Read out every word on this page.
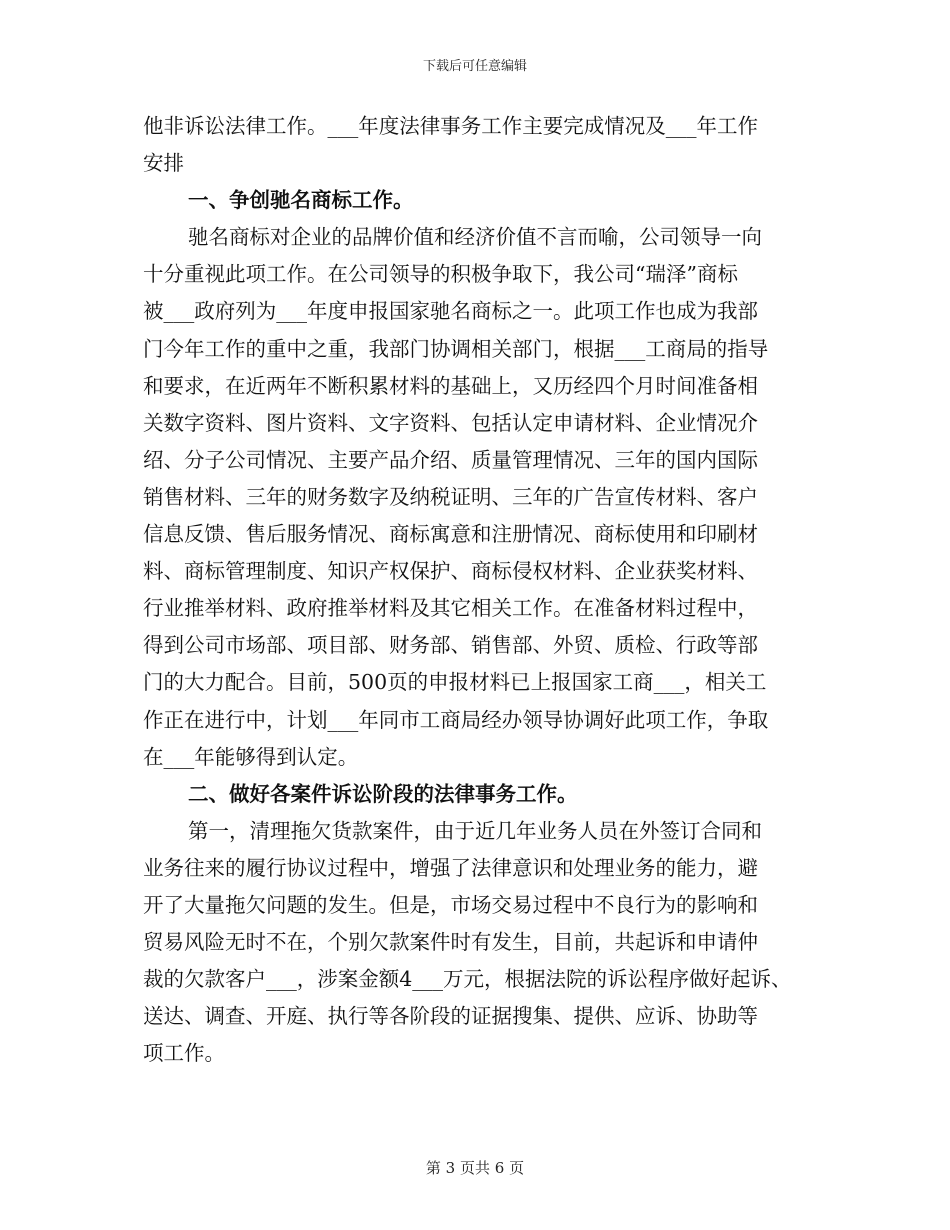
下载后可任意编辑
他非诉讼法律工作。___年度法律事务工作主要完成情况及___年工作
安排
一、争创驰名商标工作。
驰名商标对企业的品牌价值和经济价值不言而喻，公司领导一向
十分重视此项工作。在公司领导的积极争取下，我公司“瑞泽”商标
被___政府列为___年度申报国家驰名商标之一。此项工作也成为我部
门今年工作的重中之重，我部门协调相关部门，根据___工商局的指导
和要求，在近两年不断积累材料的基础上，又历经四个月时间准备相
关数字资料、图片资料、文字资料、包括认定申请材料、企业情况介
绍、分子公司情况、主要产品介绍、质量管理情况、三年的国内国际
销售材料、三年的财务数字及纳税证明、三年的广告宣传材料、客户
信息反馈、售后服务情况、商标寓意和注册情况、商标使用和印刷材
料、商标管理制度、知识产权保护、商标侵权材料、企业获奖材料、
行业推举材料、政府推举材料及其它相关工作。在准备材料过程中，
得到公司市场部、项目部、财务部、销售部、外贸、质检、行政等部
门的大力配合。目前，500页的申报材料已上报国家工商___，相关工
作正在进行中，计划___年同市工商局经办领导协调好此项工作，争取
在___年能够得到认定。
二、做好各案件诉讼阶段的法律事务工作。
第一，清理拖欠货款案件，由于近几年业务人员在外签订合同和
业务往来的履行协议过程中，增强了法律意识和处理业务的能力，避
开了大量拖欠问题的发生。但是，市场交易过程中不良行为的影响和
贸易风险无时不在，个别欠款案件时有发生，目前，共起诉和申请仲
裁的欠款客户___，涉案金额4___万元，根据法院的诉讼程序做好起诉、
送达、调查、开庭、执行等各阶段的证据搜集、提供、应诉、协助等
项工作。
第 3 页共 6 页
